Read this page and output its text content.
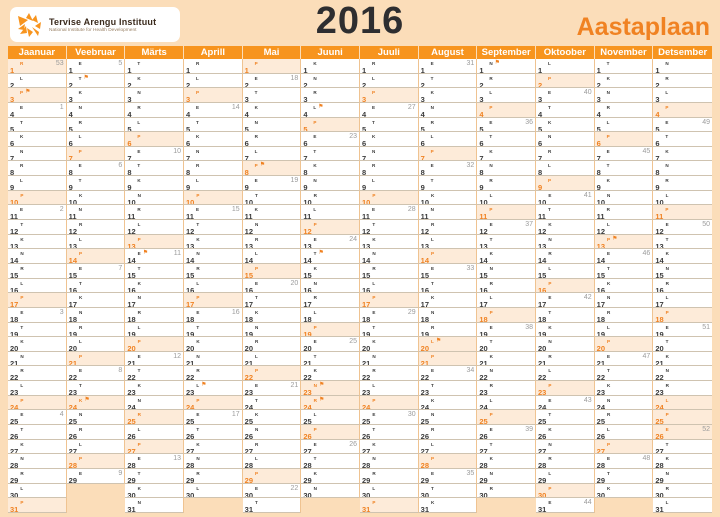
Tervise Arengu Instituut
National Institute for Health Development	2016	Aastaplaan
Jaanuar
1R	53
2L
3P ⚑
4E	1
5T
6K
7N
8R
9L
10P
11E	2
12T
13K
14N
15R
16L
17P
18E	3
19T
20K
21N
22R
23L
24P
25E	4
26T
27K
28N
29R
30L
31P
Veebruar
1E	5
2T ⚑
3K
4N
5R
6L
7P
8E	6
9T
10K
11N
12R
13L
14P
15E	7
16T
17K
18N
19R
20L
21P
22E	8
23T
24K ⚑
25N
26R
27L
28P
29E	9
Märts
1T
2K
3N
4R
5L
6P
7E	10
8T
9K
10N
11R
12L
13P
14E ⚑	11
15T
16K
17N
18R
19L
20P
21E	12
22T
23K
24N
25R
26L
27P
28E	13
29T
30K
31N
Aprill
1R
2L
3P
4E	14
5T
6K
7N
8R
9L
10P
11E	15
12T
13K
14N
15R
16L
17P
18E	16
19T
20K
21N
22R
23L ⚑
24P
25E	17
26T
27K
28N
29R
30L
Mai
1P
2E	18
3T
4K
5N
6R
7L
8P ⚑
9E	19
10T
11K
12N
13R
14L
15P
16E	20
17T
18K
19N
20R
21L
22P
23E	21
24T
25K
26N
27R
28L
29P
30E	22
31T
Juuni
1K
2N
3R
4L ⚑
5P
6E	23
7T
8K
9N
10R
11L
12P
13E	24
14T ⚑
15K
16N
17R
18L
19P
20E	25
21T
22K
23N ⚑
24R ⚑
25L
26P
27E	26
28T
29K
30N
Juuli
1R
2L
3P
4E	27
5T
6K
7N
8R
9L
10P
11E	28
12T
13K
14N
15R
16L
17P
18E	29
19T
20K
21N
22R
23L
24P
25E	30
26T
27K
28N
29R
30L
31P
August
1E	31
2T
3K
4N
5R
6L
7P
8E	32
9T
10K
11N
12R
13L
14P
15E	33
16T
17K
18N
19R
20L ⚑
21P
22E	34
23T
24K
25N
26R
27L
28P
29E	35
30T
31K
September
1N ⚑
2R
3L
4P
5E	36
6T
7K
8N
9R
10L
11P
12E	37
13T
14K
15N
16R
17L
18P
19E	38
20T
21K
22N
23R
24L
25P
26E	39
27T
28K
29N
30R
Oktoober
1L
2P
3E	40
4T
5K
6N
7R
8L
9P
10E	41
11T
12K
13N
14R
15L
16P
17E	42
18T
19K
20N
21R
22L
23P
24E	43
25T
26K
27N
28R
29L
30P
31E	44
November
1T
2K
3N
4R
5L
6P
7E	45
8T
9K
10N
11R
12L
13P ⚑
14E	46
15T
16K
17N
18R
19L
20P
21E	47
22T
23K
24N
25R
26L
27P
28E	48
29T
30K
Detsember
1N
2R
3L
4P
5E	49
6T
7K
8N
9R
10L
11P
12E	50
13T
14K
15N
16R
17L
18P
19E	51
20T
21K
22N
23R
24L
25P
26E	52
27T
28K
29N
30R
31L
